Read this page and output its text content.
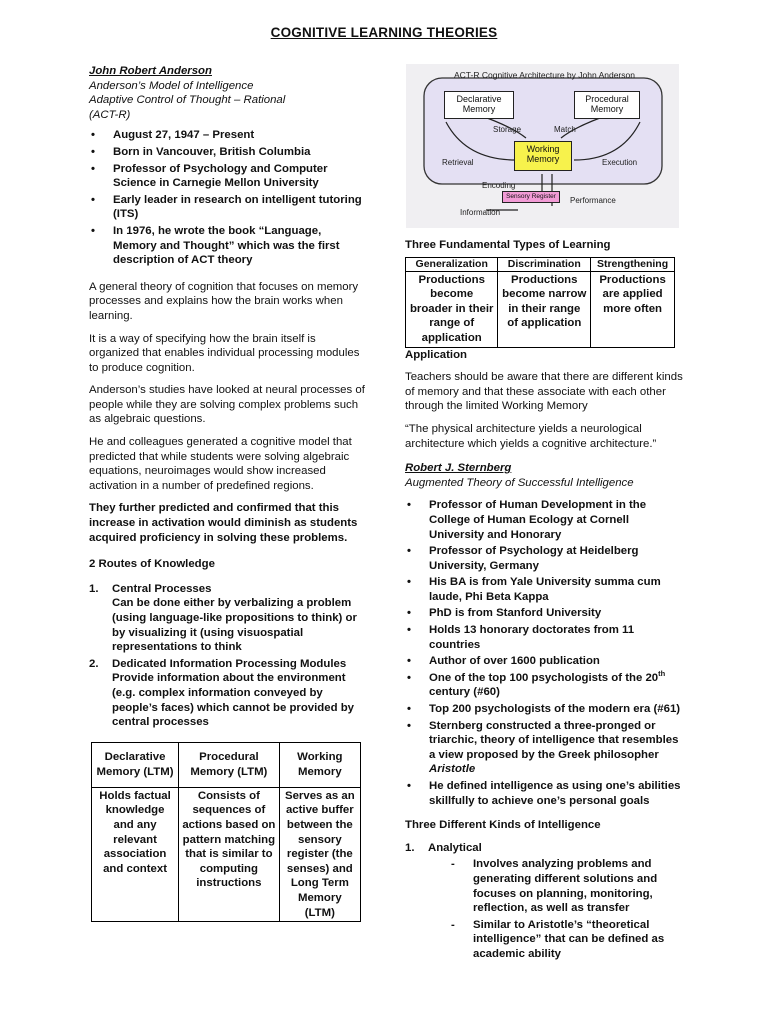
COGNITIVE LEARNING THEORIES

John Robert Anderson

Anderson’s Model of Intelligence

Adaptive Control of Thought – Rational

(ACT-R)

• August 27, 1947 – Present
• Born in Vancouver, British Columbia
• Professor of Psychology and Computer Science in Carnegie Mellon University
• Early leader in research on intelligent tutoring (ITS)
• In 1976, he wrote the book “Language, Memory and Thought” which was the first description of ACT theory

A general theory of cognition that focuses on memory processes and explains how the brain works when learning.

It is a way of specifying how the brain itself is organized that enables individual processing modules to produce cognition.

Anderson’s studies have looked at neural processes of people while they are solving complex problems such as algebraic questions.

He and colleagues generated a cognitive model that predicted that while students were solving algebraic equations, neuroimages would show increased activation in a number of predefined regions.

They further predicted and confirmed that this increase in activation would diminish as students acquired proficiency in solving these problems.

2 Routes of Knowledge

1. Central Processes

Can be done either by verbalizing a problem (using language-like propositions to think) or by visualizing it (using visuospatial representations to think

2. Dedicated Information Processing Modules

Provide information about the environment (e.g. complex information conveyed by people’s faces) which cannot be provided by central processes

Declarative Memory (LTM)	Procedural Memory (LTM)	Working Memory
Holds factual knowledge and any relevant association and context	Consists of sequences of actions based on pattern matching that is similar to computing instructions	Serves as an active buffer between the sensory register (the senses) and Long Term Memory (LTM)
ACT-R Cognitive Architecture by John Anderson
Declarative Memory
Procedural Memory
Working Memory
Storage	Match
Retrieval	Execution
Encoding
Sensory Register	Performance
Information

Three Fundamental Types of Learning

Generalization	Discrimination	Strengthening
Productions become broader in their range of application	Productions become narrow in their range of application	Productions are applied more often

Application

Teachers should be aware that there are different kinds of memory and that these associate with each other through the limited Working Memory

“The physical architecture yields a neurological architecture which yields a cognitive architecture.”

Robert J. Sternberg

Augmented Theory of Successful Intelligence

• Professor of Human Development in the College of Human Ecology at Cornell University and Honorary
• Professor of Psychology at Heidelberg University, Germany
• His BA is from Yale University summa cum laude, Phi Beta Kappa
• PhD is from Stanford University
• Holds 13 honorary doctorates from 11 countries
• Author of over 1600 publication
• One of the top 100 psychologists of the 20th century (#60)
• Top 200 psychologists of the modern era (#61)
• Sternberg constructed a three-pronged or triarchic, theory of intelligence that resembles a view proposed by the Greek philosopher Aristotle
• He defined intelligence as using one’s abilities skillfully to achieve one’s personal goals

Three Different Kinds of Intelligence

1. Analytical
- Involves analyzing problems and generating different solutions and focuses on planning, monitoring, reflection, as well as transfer
- Similar to Aristotle’s “theoretical intelligence” that can be defined as academic ability
